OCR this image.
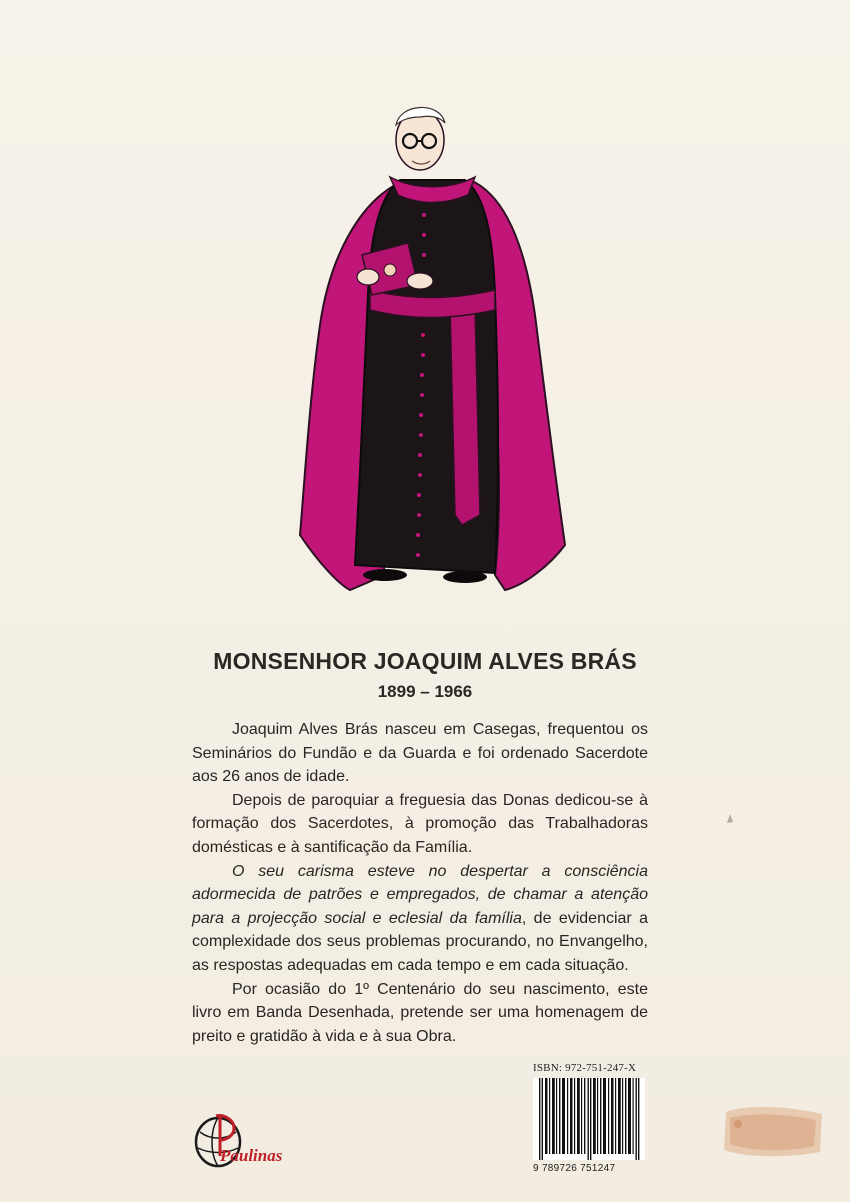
MONSENHOR JOAQUIM ALVES BRÁS
1899 – 1966

Joaquim Alves Brás nasceu em Casegas, frequentou os Seminários do Fundão e da Guarda e foi ordenado Sacerdote aos 26 anos de idade.

Depois de paroquiar a freguesia das Donas dedicou-se à formação dos Sacerdotes, à promoção das Trabalhadoras domésticas e à santificação da Família.

O seu carisma esteve no despertar a consciência adormecida de patrões e empregados, de chamar a atenção para a projecção social e eclesial da família, de evidenciar a complexidade dos seus problemas procurando, no Envangelho, as respostas adequadas em cada tempo e em cada situação.

Por ocasião do 1º Centenário do seu nascimento, este livro em Banda Desenhada, pretende ser uma homenagem de preito e gratidão à vida e à sua Obra.

Paulinas
ISBN: 972-751-247-X
9 789726 751247
